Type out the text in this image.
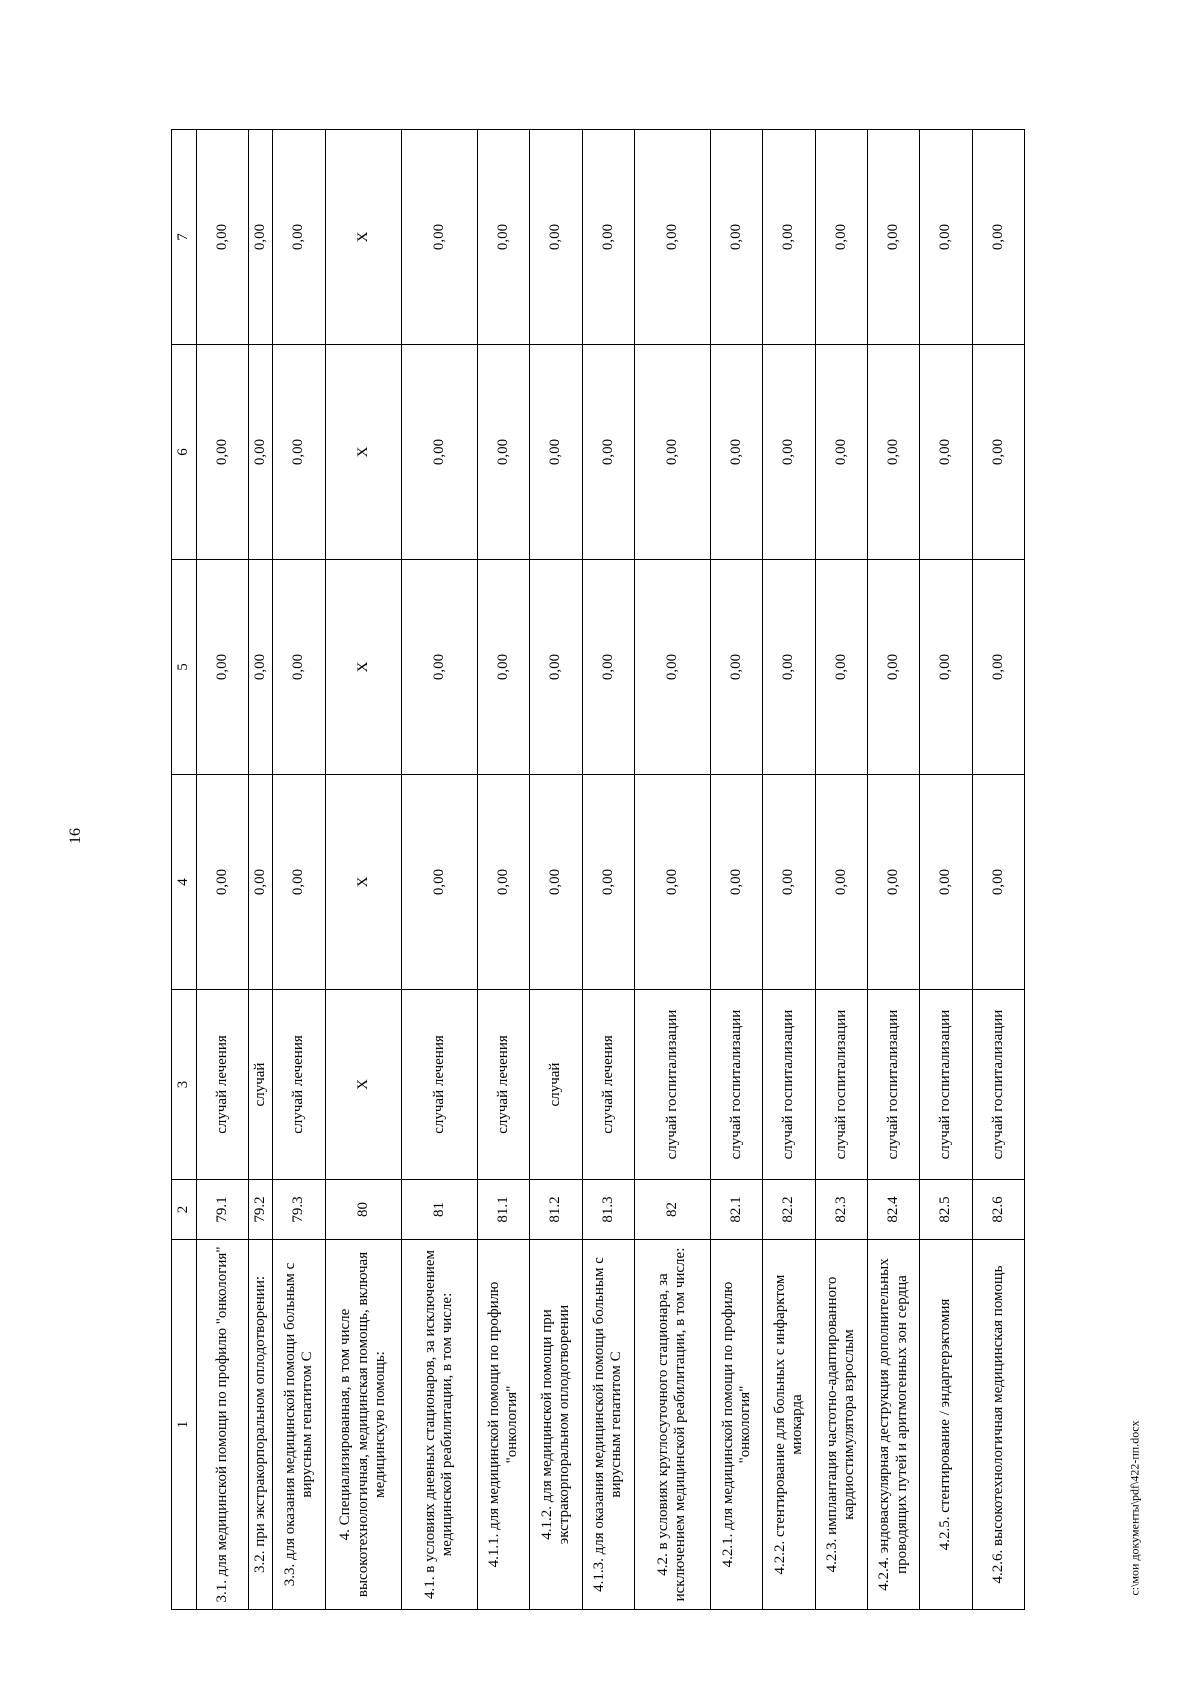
16
1	2	3	4	5	6	7
3.1. для медицинской помощи по профилю "онкология"	79.1	случай лечения	0,00	0,00	0,00	0,00
3.2. при экстракорпоральном оплодотворении:	79.2	случай	0,00	0,00	0,00	0,00
3.3. для оказания медицинской помощи больным с вирусным гепатитом С	79.3	случай лечения	0,00	0,00	0,00	0,00
4. Специализированная, в том числе высокотехнологичная, медицинская помощь, включая медицинскую помощь:	80	Х	Х	Х	Х	Х
4.1. в условиях дневных стационаров, за исключением медицинской реабилитации, в том числе:	81	случай лечения	0,00	0,00	0,00	0,00
4.1.1. для медицинской помощи по профилю "онкология"	81.1	случай лечения	0,00	0,00	0,00	0,00
4.1.2. для медицинской помощи при экстракорпоральном оплодотворении	81.2	случай	0,00	0,00	0,00	0,00
4.1.3. для оказания медицинской помощи больным с вирусным гепатитом С	81.3	случай лечения	0,00	0,00	0,00	0,00
4.2. в условиях круглосуточного стационара, за исключением медицинской реабилитации, в том числе:	82	случай госпитализации	0,00	0,00	0,00	0,00
4.2.1. для медицинской помощи по профилю "онкология"	82.1	случай госпитализации	0,00	0,00	0,00	0,00
4.2.2. стентирование для больных с инфарктом миокарда	82.2	случай госпитализации	0,00	0,00	0,00	0,00
4.2.3. имплантация частотно-адаптированного кардиостимулятора взрослым	82.3	случай госпитализации	0,00	0,00	0,00	0,00
4.2.4. эндоваскулярная деструкция дополнительных проводящих путей и аритмогенных зон сердца	82.4	случай госпитализации	0,00	0,00	0,00	0,00
4.2.5. стентирование / эндартерэктомия	82.5	случай госпитализации	0,00	0,00	0,00	0,00
4.2.6. высокотехнологичная медицинская помощь	82.6	случай госпитализации	0,00	0,00	0,00	0,00
c:\мои документы\pdf\422-пп.docx
